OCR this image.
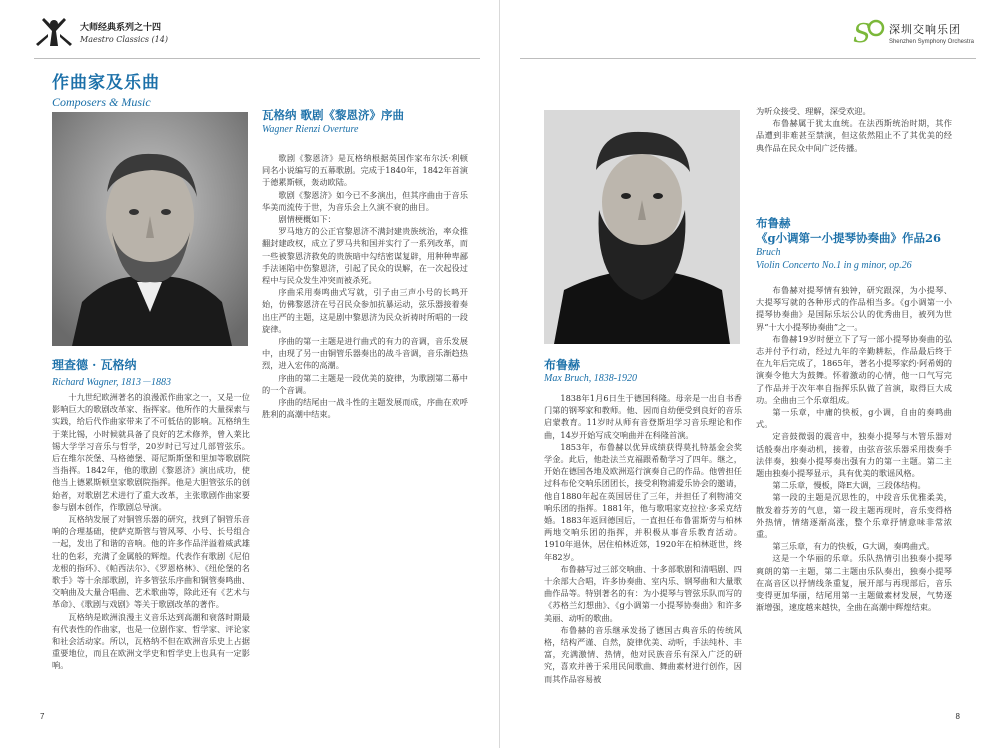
大师经典系列之十四
Maestro Classics (14)	S 深圳交响乐团
Shenzhen Symphony Orchestra
作曲家及乐曲
Composers & Music
理查德 · 瓦格纳
Richard Wagner, 1813－1883

十九世纪欧洲著名的浪漫派作曲家之一，又是一位影响巨大的歌剧改革家、指挥家。他所作的大量探索与实践，给后代作曲家带来了不可低估的影响。瓦格纳生于莱比锡，小时候就具备了良好的艺术修养，曾入莱比锡大学学习音乐与哲学，20岁时已写过几部管弦乐。后在维尔茨堡、马格德堡、哥尼斯斯堡和里加等歌剧院当指挥。1842年，他的歌剧《黎恩济》演出成功，使他当上德累斯顿皇家歌剧院指挥。他是大胆管弦乐的创始者，对歌剧艺术进行了重大改革，主张歌剧作曲家要参与剧本创作，作歌剧总导演。

瓦格纳发展了对铜管乐器的研究，找到了铜管乐音响的合理基础，使萨克斯管与管风琴、小号、长号组合一起，发出了和谐的音响。他的许多作品洋溢着威武雄壮的色彩，充满了金属般的辉煌。代表作有歌剧《尼伯龙根的指环》、《帕西法尔》、《罗恩格林》、《纽伦堡的名歌手》等十余部歌剧，许多管弦乐序曲和铜管奏鸣曲、交响曲及大量合唱曲、艺术歌曲等，除此还有《艺术与革命》、《歌剧与戏剧》等关于歌剧改革的著作。

瓦格纳是欧洲浪漫主义音乐达到高潮和衰落时期最有代表性的作曲家，也是一位剧作家、哲学家、评论家和社会活动家。所以，瓦格纳不但在欧洲音乐史上占据重要地位，而且在欧洲文学史和哲学史上也具有一定影响。

瓦格纳 歌剧《黎恩济》序曲
Wagner Rienzi Overture

歌剧《黎恩济》是瓦格纳根据英国作家布尔沃·利顿同名小说编写的五幕歌剧。完成于1840年，1842年首演于德累斯顿，轰动欧陆。

歌剧《黎恩济》如今已不多演出，但其序曲由于音乐华美而流传于世，为音乐会上久演不衰的曲目。

剧情梗概如下：

罗马地方的公正官黎恩济不满封建贵族统治，率众推翻封建政权，成立了罗马共和国并实行了一系列改革，而一些被黎恩济救免的贵族暗中勾结密谋复辟，用种种卑鄙手法诬陷中伤黎恩济，引起了民众的误解，在一次起役过程中与民众发生冲突而被杀死。

序曲采用奏鸣曲式写就，引子由三声小号的长鸣开始，仿佛黎恩济在号召民众参加抗暴运动，弦乐器接着奏出庄严的主题，这是剧中黎恩济为民众祈祷时所唱的一段旋律。

序曲的第一主题是进行曲式的有力的音调，音乐发展中，由现了另一由铜管乐器奏出的战斗音调，音乐渐趋热烈，进入宏伟的高潮。

序曲的第二主题是一段优美的旋律，为歌剧第二幕中的一个音调。

序曲的结尾由一战斗性的主题发展而成，序曲在欢呼胜利的高潮中结束。

布鲁赫
Max Bruch, 1838-1920

1838年1月6日生于德国科隆。母亲是一出自书香门第的钢琴家和教师。他、因而自幼便受到良好的音乐启蒙教育。11岁时从师有音登斯坦学习音乐理论和作曲，14岁开始写成交响曲并在科隆首演。

1853年，布鲁赫以优异成绩获得莫扎特基金会奖学金。此后，他赴法兰克福跟希勒学习了四年。继之，开始在德国各地及欧洲巡行演奏自己的作品。他曾担任过科布伦交响乐团团长，接受利物浦爱乐协会的邀请，他自1880年起在英国居住了三年，并担任了利物浦交响乐团的指挥。1881年，他与歌唱家克拉拉·多采克结婚。1883年返回德国后，一直担任布鲁雷斯劳与柏林两地交响乐团的指挥，并积极从事音乐教育活动。1910年退休，居住柏林近郊，1920年在柏林逝世，终年82岁。

布鲁赫写过三部交响曲、十多部歌剧和清唱剧、四十余部大合唱，许多协奏曲、室内乐、钢琴曲和大量歌曲作品等。特别著名的有：为小提琴与管弦乐队而写的《苏格兰幻想曲》、《g小调第一小提琴协奏曲》和许多美丽、动听的歌曲。

布鲁赫的音乐继承发扬了德国古典音乐的传统风格，结构严谨、自然，旋律优美、动听，手法纯朴、丰富，充满激情、热情，他对民族音乐有深入广泛的研究，喜欢并善于采用民间歌曲、舞曲素材进行创作，因而其作品容易被

为听众接受、理解，深受欢迎。

布鲁赫属于犹太血统。在法西斯统治时期，其作品遭到非难甚至禁演，但这依然阻止不了其优美的经典作品在民众中间广泛传播。

布鲁赫
《g小调第一小提琴协奏曲》作品26
Bruch
Violin Concerto No.1 in g minor, op.26

布鲁赫对提琴情有独钟，研究跟深，为小提琴、大提琴写就的各种形式的作品相当多。《g小调第一小提琴协奏曲》是国际乐坛公认的优秀曲目，被列为世界“十大小提琴协奏曲”之一。

布鲁赫19岁时便立下了写一部小提琴协奏曲的弘志并付予行动，经过九年的辛勤耕耘，作品最后终于在九年后完成了，1865年，著名小提琴家约·阿希姆的演奏令他大为鼓舞。怀着激动的心情，他一口气写完了作品并于次年率自指挥乐队做了首演，取得巨大成功。全曲由三个乐章组成。

第一乐章，中庸的快板，g小调，自由的奏鸣曲式。

定音鼓微弱的震音中，独奏小提琴与木管乐器对话般奏出序奏动机，接着，由弦音弦乐器采用拨奏手法伴奏，独奏小提琴奏出强有力的第一主题。第二主题由独奏小提琴显示，具有优美的歌谣风格。

第二乐章，慢板，降E大调，三段体结构。

第一段的主题是沉思性的，中段音乐优雅柔美，散发着芬芳的气息，第一段主题再现时，音乐变得格外热情，情绪逐渐高涨，整个乐章抒情意味非常浓重。

第三乐章，有力的快板，G大调，奏鸣曲式。

这是一个华丽的乐章。乐队热情引出独奏小提琴爽朗的第一主题，第二主题由乐队奏出，独奏小提琴在高音区以抒情线条重复，展开部与再现部后，音乐变得更加华丽，结尾用第一主题做素材发展，气势逐渐增强，速度越来越快，全曲在高潮中辉煌结束。

7	8
